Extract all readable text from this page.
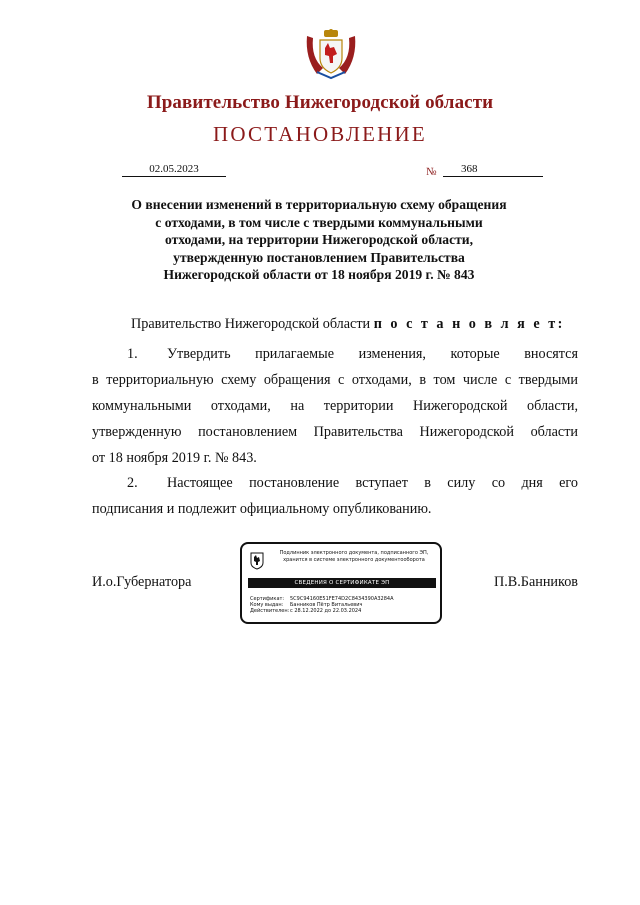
Правительство Нижегородской области
ПОСТАНОВЛЕНИЕ
02.05.2023	№	368
О внесении изменений в территориальную схему обращения
с отходами, в том числе с твердыми коммунальными
отходами, на территории Нижегородской области,
утвержденную постановлением Правительства
Нижегородской области от 18 ноября 2019 г. № 843
Правительство Нижегородской области п о с т а н о в л я е т:
1. Утвердить прилагаемые изменения, которые вносятся
в территориальную схему обращения с отходами, в том числе с твердыми
коммунальными отходами, на территории Нижегородской области,
утвержденную постановлением Правительства Нижегородской области
от 18 ноября 2019 г. № 843.
2. Настоящее постановление вступает в силу со дня его
подписания и подлежит официальному опубликованию.
И.о.Губернатора	П.В.Банников
Подлинник электронного документа, подписанного ЭП,
хранится в системе электронного документооборота
СВЕДЕНИЯ О СЕРТИФИКАТЕ ЭП
Сертификат: 5C9C94160E51FE74D2C8434390A3284A
Кому выдан: Банников Пётр Витальевич
Действителен:с 28.12.2022 до 22.03.2024
